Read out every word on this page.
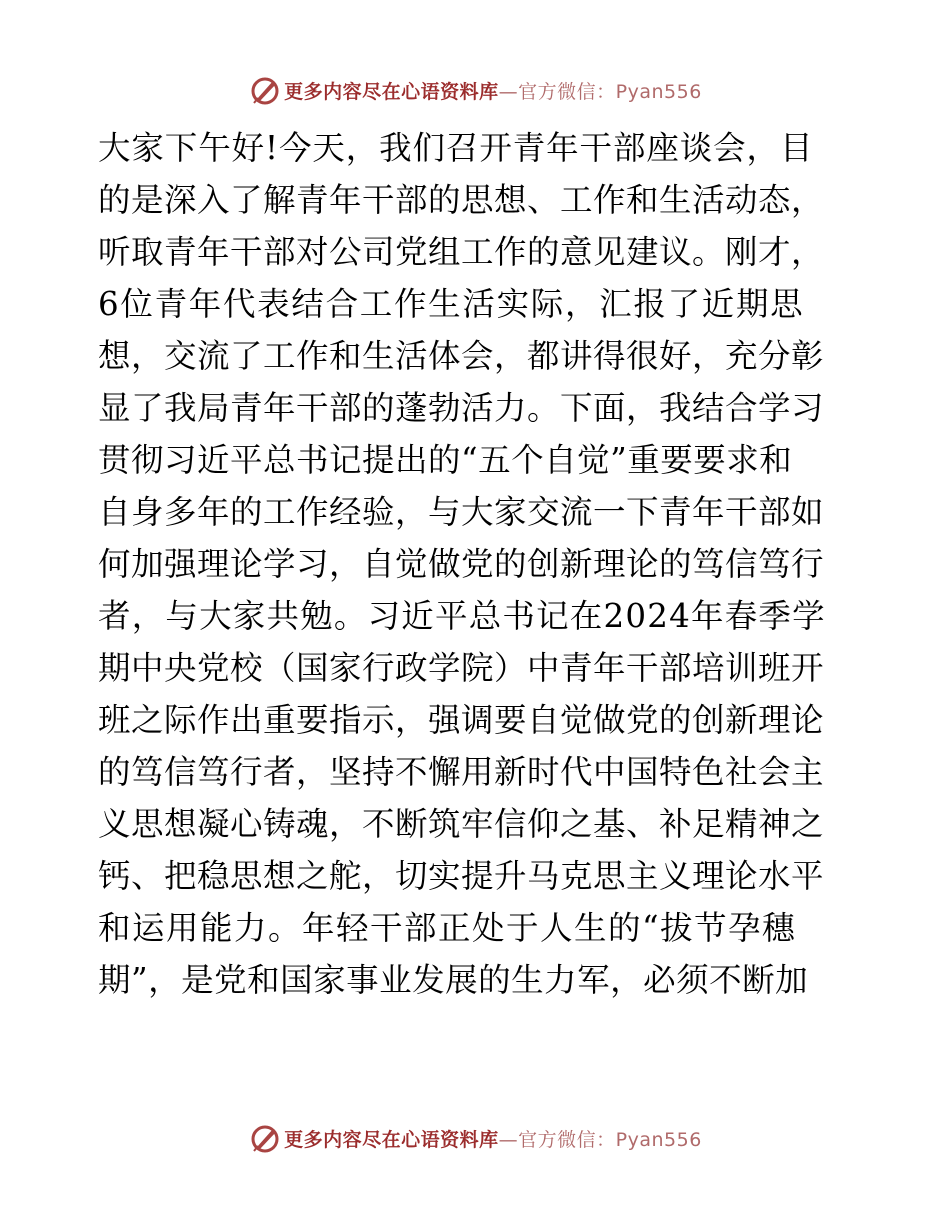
更多内容尽在心语资料库 —官方微信：Pyan556
大家下午好!今天，我们召开青年干部座谈会，目
的是深入了解青年干部的思想、工作和生活动态，
听取青年干部对公司党组工作的意见建议。刚才，
6位青年代表结合工作生活实际，汇报了近期思
想，交流了工作和生活体会，都讲得很好，充分彰
显了我局青年干部的蓬勃活力。下面，我结合学习
贯彻习近平总书记提出的“五个自觉”重要要求和
自身多年的工作经验，与大家交流一下青年干部如
何加强理论学习，自觉做党的创新理论的笃信笃行
者，与大家共勉。习近平总书记在2024年春季学
期中央党校（国家行政学院）中青年干部培训班开
班之际作出重要指示，强调要自觉做党的创新理论
的笃信笃行者，坚持不懈用新时代中国特色社会主
义思想凝心铸魂，不断筑牢信仰之基、补足精神之
钙、把稳思想之舵，切实提升马克思主义理论水平
和运用能力。年轻干部正处于人生的“拔节孕穗
期”，是党和国家事业发展的生力军，必须不断加
更多内容尽在心语资料库 —官方微信：Pyan556
